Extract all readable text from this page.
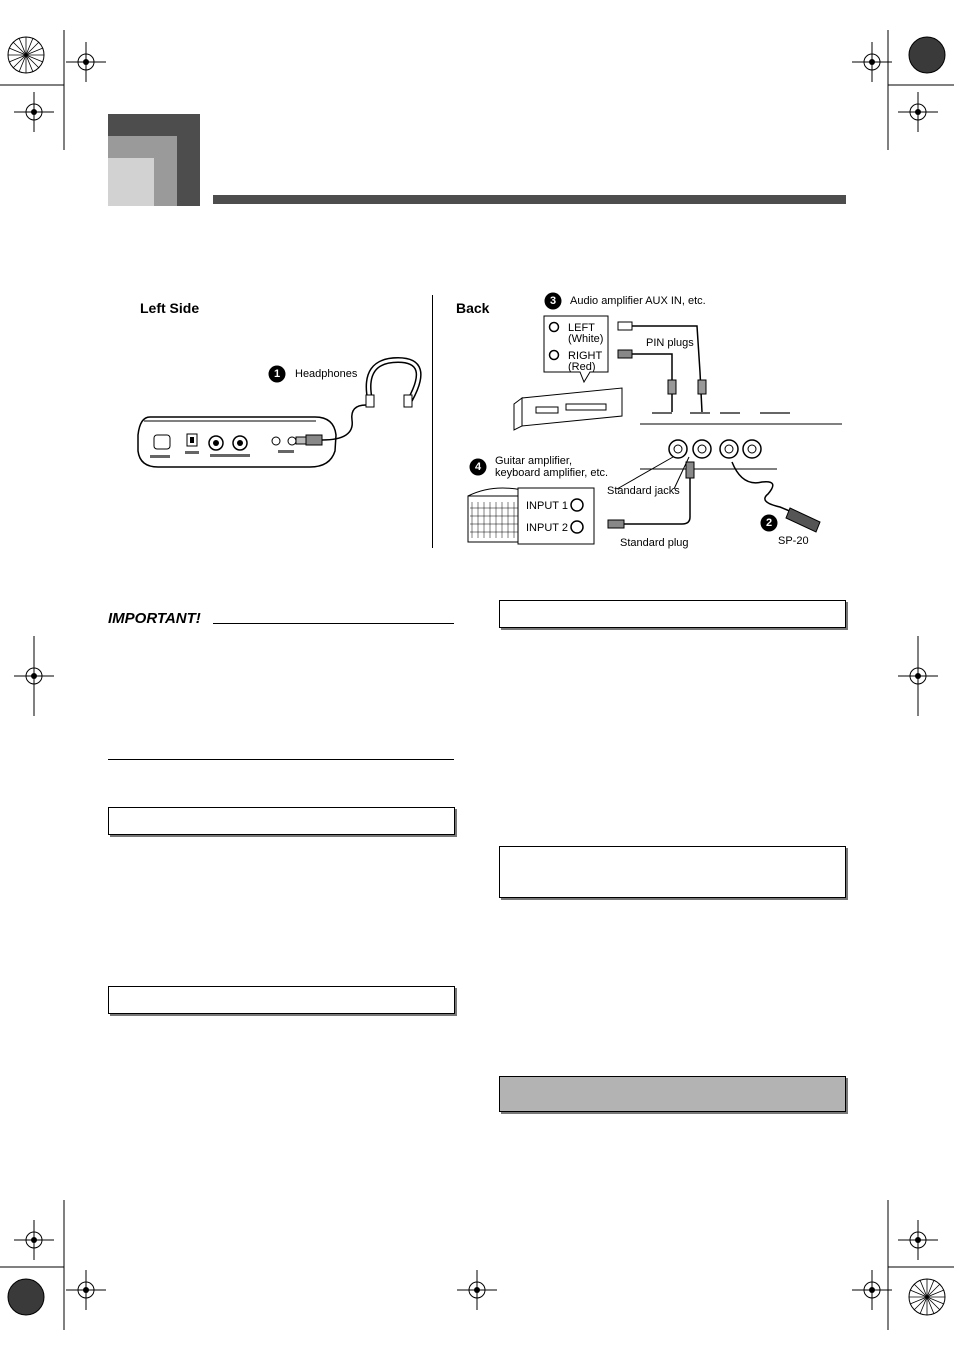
Left Side
1	Headphones
Back	3	Audio amplifier AUX IN, etc.
LEFT
(White)
RIGHT
(Red)
PIN plugs
4	Guitar amplifier,
keyboard amplifier, etc.
INPUT 1
INPUT 2
Standard jacks
Standard plug
2
SP-20
IMPORTANT!
